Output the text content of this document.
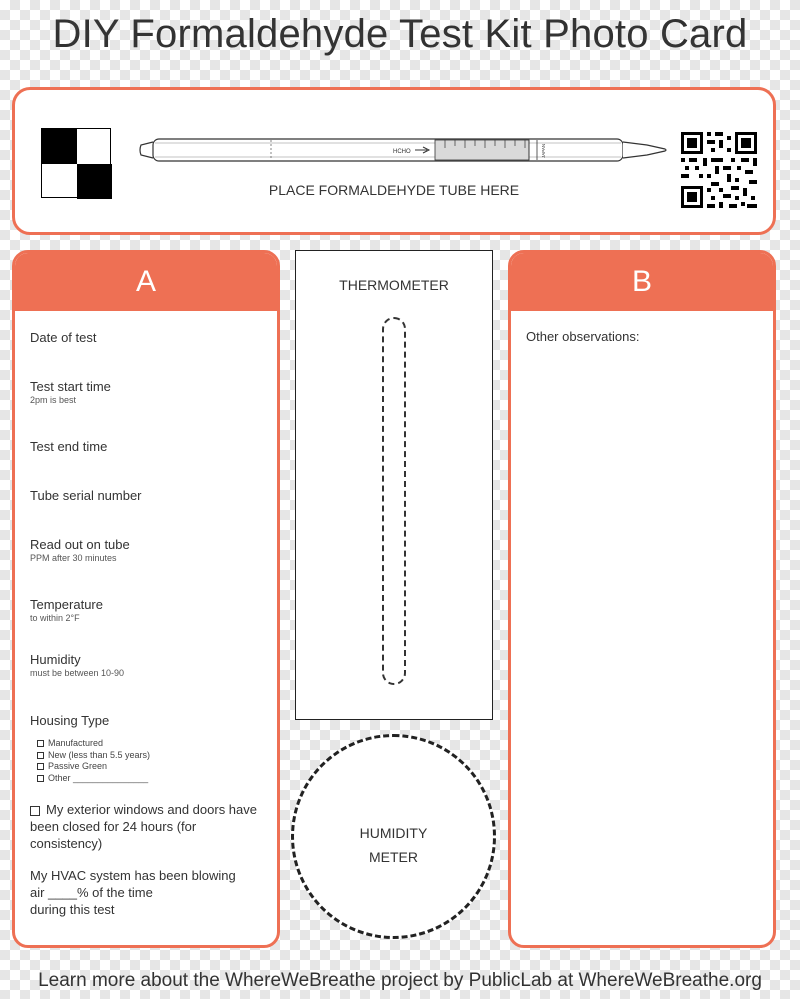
DIY Formaldehyde Test Kit Photo Card
HCHO	JAPAN
PLACE FORMALDEHYDE TUBE HERE
A
Date of test
Test start time
2pm is best
Test end time
Tube serial number
Read out on tube
PPM after 30 minutes
Temperature
to within 2°F
Humidity
must be between 10-90
Housing Type
Manufactured
New (less than 5.5 years)
Passive Green
Other _______________
My exterior windows and doors have been closed for 24 hours (for consistency)
My HVAC system has been blowing
air ____% of the time
during this test
THERMOMETER
HUMIDITY
METER
B
Other observations:
Learn more about the WhereWeBreathe project by PublicLab at WhereWeBreathe.org
